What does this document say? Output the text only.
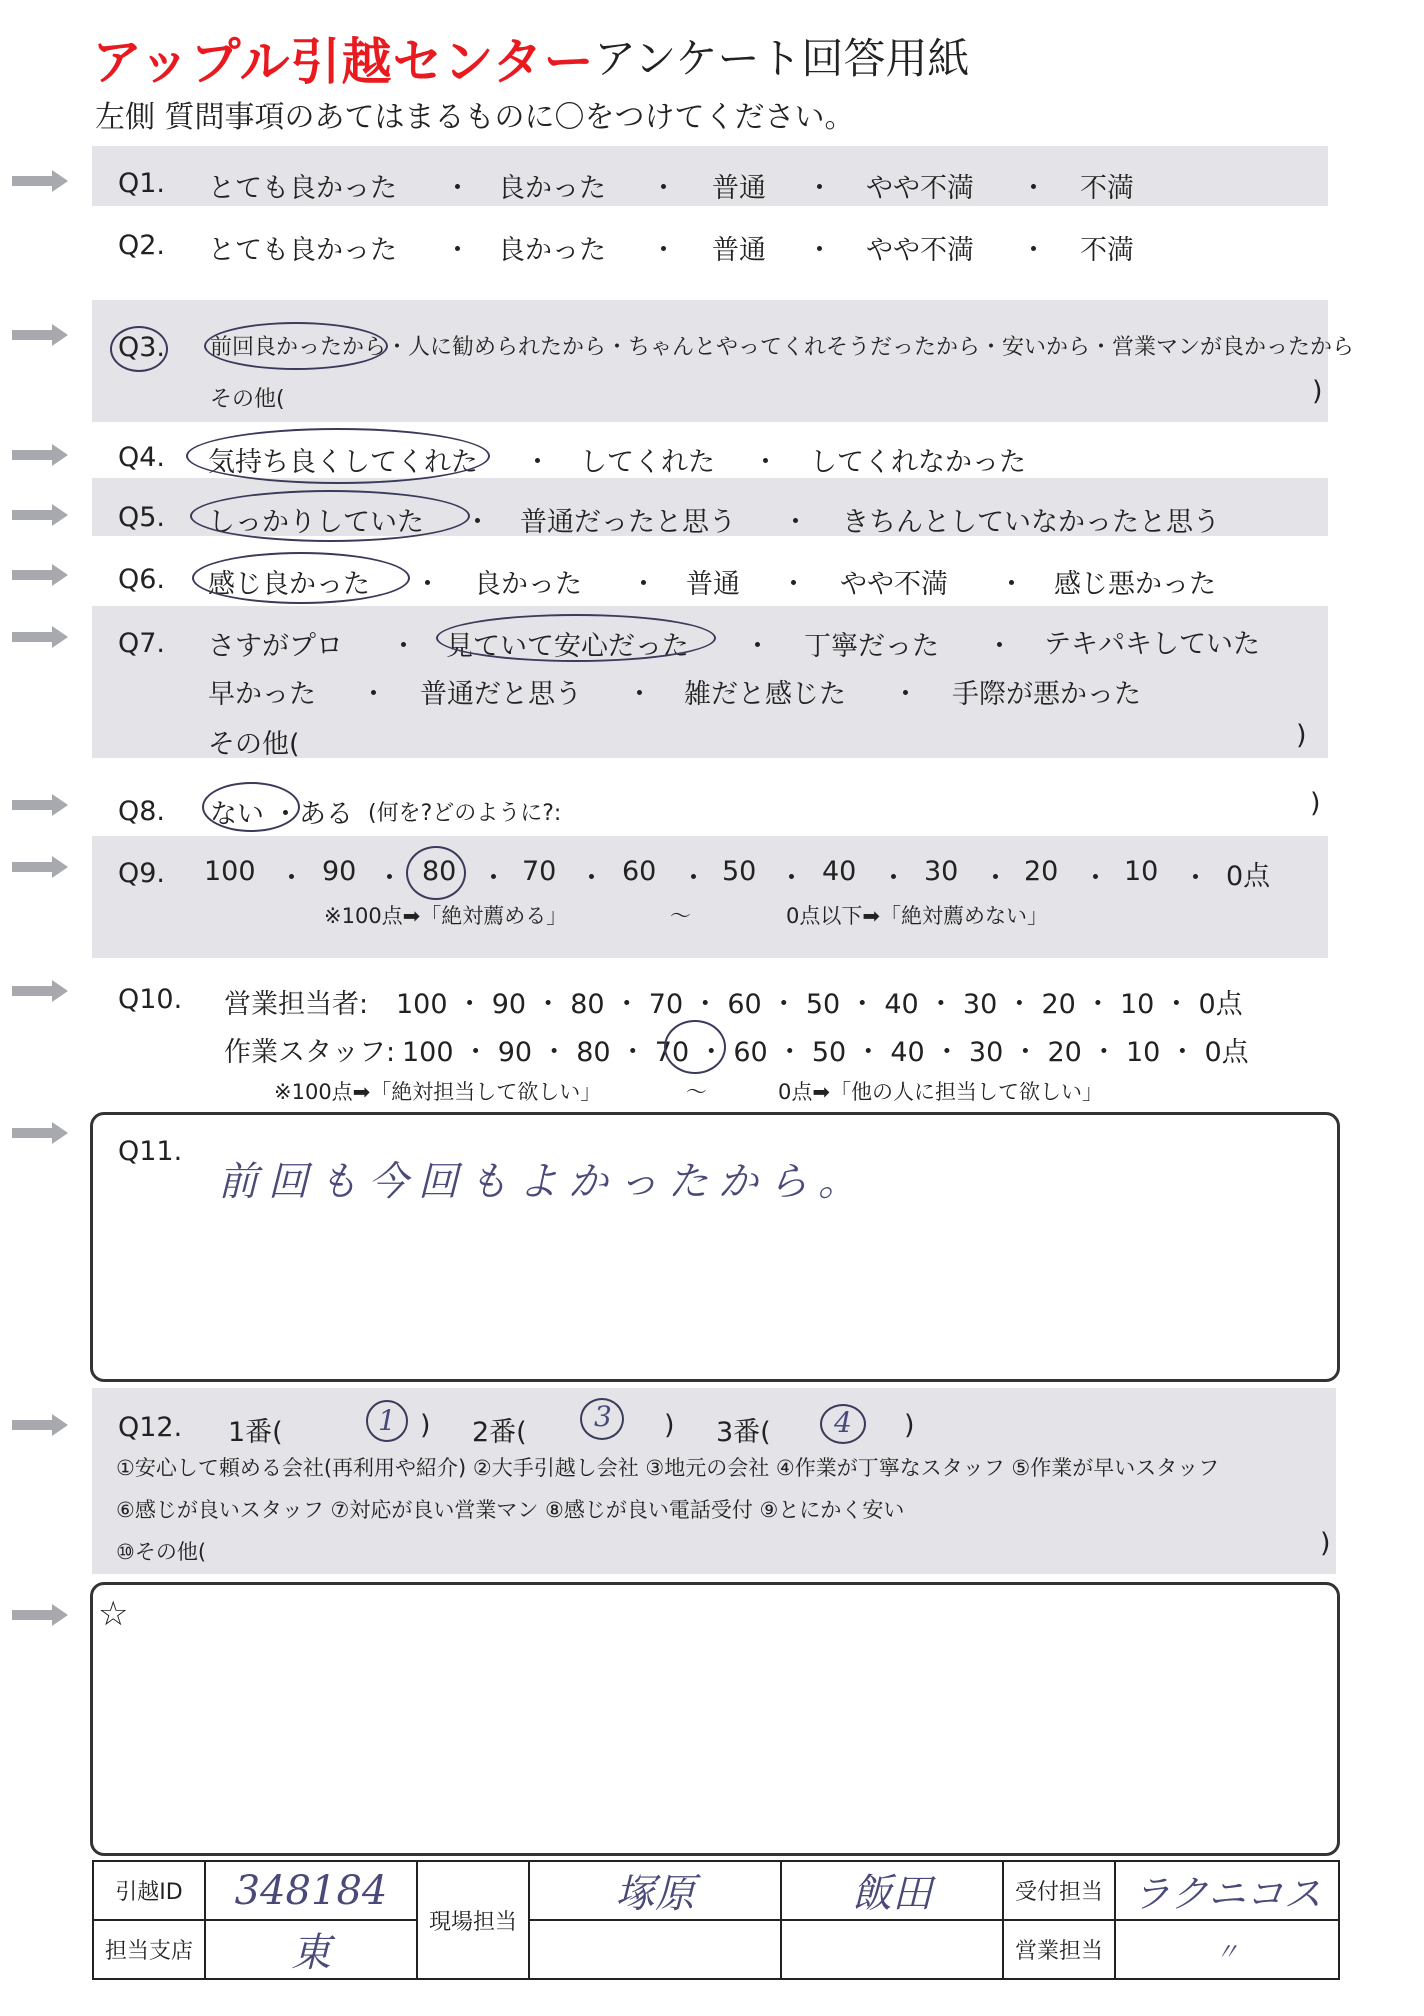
アップル引越センター アンケート回答用紙
左側 質問事項のあてはまるものに〇をつけてください。
Q1. とても良かった ・ 良かった ・ 普通 ・ やや不満 ・ 不満
Q2. とても良かった ・ 良かった ・ 普通 ・ やや不満 ・ 不満
Q3. 前回良かったから・人に勧められたから・ちゃんとやってくれそうだったから・安いから・営業マンが良かったから
その他(	)
Q4. 気持ち良くしてくれた ・ してくれた ・ してくれなかった
Q5. しっかりしていた ・ 普通だったと思う ・ きちんとしていなかったと思う
Q6. 感じ良かった ・ 良かった ・ 普通 ・ やや不満 ・ 感じ悪かった
Q7. さすがプロ ・ 見ていて安心だった ・ 丁寧だった ・ テキパキしていた
早かった ・ 普通だと思う ・ 雑だと感じた ・ 手際が悪かった
その他(	)
Q8. ない ・ある (何を?どのように?:	)
Q9. 100 ・ 90 ・ 80 ・ 70 ・ 60 ・ 50 ・ 40 ・ 30 ・ 20 ・ 10 ・ 0点
※100点➡「絶対薦める」	～	0点以下➡「絶対薦めない」
Q10. 営業担当者: 100 ・ 90 ・ 80 ・ 70 ・ 60 ・ 50 ・ 40 ・ 30 ・ 20 ・ 10 ・ 0点
作業スタッフ: 100 ・ 90 ・ 80 ・ 70 ・ 60 ・ 50 ・ 40 ・ 30 ・ 20 ・ 10 ・ 0点
※100点➡「絶対担当して欲しい」	～	0点➡「他の人に担当して欲しい」
Q11.
前回も今回もよかったから。
Q12. 1番(	1 ) 2番( 3 ) 3番( 4 )
①安心して頼める会社(再利用や紹介) ②大手引越し会社 ③地元の会社 ④作業が丁寧なスタッフ ⑤作業が早いスタッフ
⑥感じが良いスタッフ ⑦対応が良い営業マン ⑧感じが良い電話受付 ⑨とにかく安い
⑩その他(	)
☆
引越ID	348184	現場担当	塚原	飯田	受付担当	ラクニコス
担当支店	東				営業担当	〃
